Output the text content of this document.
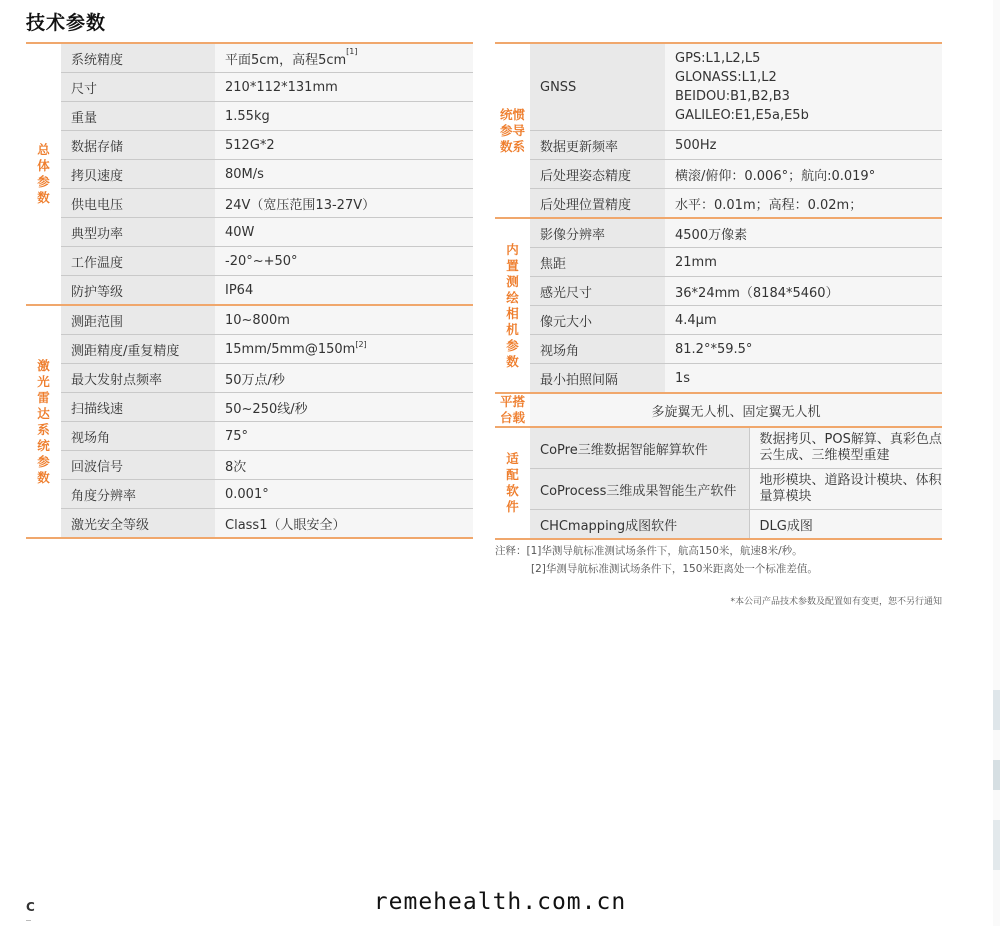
技术参数
总体参数	系统精度	平面5cm，高程5cm[1]
	尺寸	210*112*131mm
	重量	1.55kg
	数据存储	512G*2
	拷贝速度	80M/s
	供电电压	24V（宽压范围13-27V）
	典型功率	40W
	工作温度	-20°~+50°
	防护等级	IP64
激光雷达系统参数	测距范围	10~800m
	测距精度/重复精度	15mm/5mm@150m[2]
	最大发射点频率	50万点/秒
	扫描线速	50~250线/秒
	视场角	75°
	回波信号	8次
	角度分辨率	0.001°
	激光安全等级	Class1（人眼安全）
统惯参导数系	GNSS	GPS:L1,L2,L5
GLONASS:L1,L2
BEIDOU:B1,B2,B3
GALILEO:E1,E5a,E5b	

	数据更新频率	500Hz	
	后处理姿态精度	横滚/俯仰：0.006°；航向:0.019°	
	后处理位置精度	水平：0.01m；高程：0.02m；	
内置测绘相机参数	影像分辨率	4500万像素	
	焦距	21mm	
	感光尺寸	36*24mm（8184*5460）	
	像元大小	4.4μm	
	视场角	81.2°*59.5°	
	最小拍照间隔	1s	
平搭台载	多旋翼无人机、固定翼无人机		
适配软件	CoPre三维数据智能解算软件		数据拷贝、POS解算、真彩色点云生成、三维模型重建
	CoProcess三维成果智能生产软件		地形模块、道路设计模块、体积量算模块
	CHCmapping成图软件		DLG成图
注释：[1]华测导航标准测试场条件下，航高150米，航速8米/秒。
[2]华测导航标准测试场条件下，150米距离处一个标准差值。
*本公司产品技术参数及配置如有变更，恕不另行通知
C	remehealth.com.cn
